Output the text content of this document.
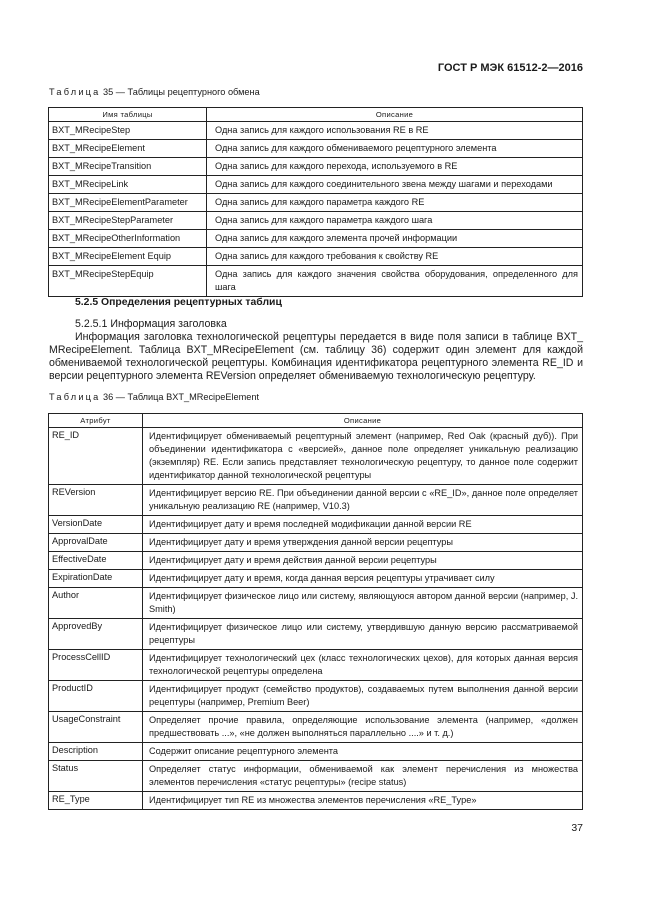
ГОСТ Р МЭК 61512-2—2016
Таблица 35 — Таблицы рецептурного обмена
Имя таблицы	Описание
BXT_MRecipeStep	Одна запись для каждого использования RE в RE
BXT_MRecipeElement	Одна запись для каждого обмениваемого рецептурного элемента
BXT_MRecipeTransition	Одна запись для каждого перехода, используемого в RE
BXT_MRecipeLink	Одна запись для каждого соединительного звена между шагами и переходами
BXT_MRecipeElementParameter	Одна запись для каждого параметра каждого RE
BXT_MRecipeStepParameter	Одна запись для каждого параметра каждого шага
BXT_MRecipeOtherInformation	Одна запись для каждого элемента прочей информации
BXT_MRecipeElement Equip	Одна запись для каждого требования к свойству RE
BXT_MRecipeStepEquip	Одна запись для каждого значения свойства оборудования, определенного для шага
5.2.5 Определения рецептурных таблиц

5.2.5.1 Информация заголовка

Информация заголовка технологической рецептуры передается в виде поля записи в таблице BXT_ MRecipeElement. Таблица BXT_MRecipeElement (см. таблицу 36) содержит один элемент для каждой обмениваемой технологической рецептуры. Комбинация идентификатора рецептурного элемента RE_ID и версии рецептурного элемента REVersion определяет обмениваемую технологическую рецептуру.

Таблица 36 — Таблица BXT_MRecipeElement
Атрибут	Описание
RE_ID	Идентифицирует обмениваемый рецептурный элемент (например, Red Oak (красный дуб)). При объединении идентификатора с «версией», данное поле определяет уникальную реализацию (экземпляр) RE. Если запись представляет технологическую рецептуру, то данное поле содержит идентификатор данной технологической рецептуры
REVersion	Идентифицирует версию RE. При объединении данной версии с «RE_ID», данное поле определяет уникальную реализацию RE (например, V10.3)
VersionDate	Идентифицирует дату и время последней модификации данной версии RE
ApprovalDate	Идентифицирует дату и время утверждения данной версии рецептуры
EffectiveDate	Идентифицирует дату и время действия данной версии рецептуры
ExpirationDate	Идентифицирует дату и время, когда данная версия рецептуры утрачивает силу
Author	Идентифицирует физическое лицо или систему, являющуюся автором данной версии (например, J. Smith)
ApprovedBy	Идентифицирует физическое лицо или систему, утвердившую данную версию рассматриваемой рецептуры
ProcessCellID	Идентифицирует технологический цех (класс технологических цехов), для которых данная версия технологической рецептуры определена
ProductID	Идентифицирует продукт (семейство продуктов), создаваемых путем выполнения данной версии рецептуры (например, Premium Beer)
UsageConstraint	Определяет прочие правила, определяющие использование элемента (например, «должен предшествовать ...», «не должен выполняться параллельно ....» и т. д.)
Description	Содержит описание рецептурного элемента
Status	Определяет статус информации, обмениваемой как элемент перечисления из множества элементов перечисления «статус рецептуры» (recipe status)
RE_Type	Идентифицирует тип RE из множества элементов перечисления «RE_Type»
37
